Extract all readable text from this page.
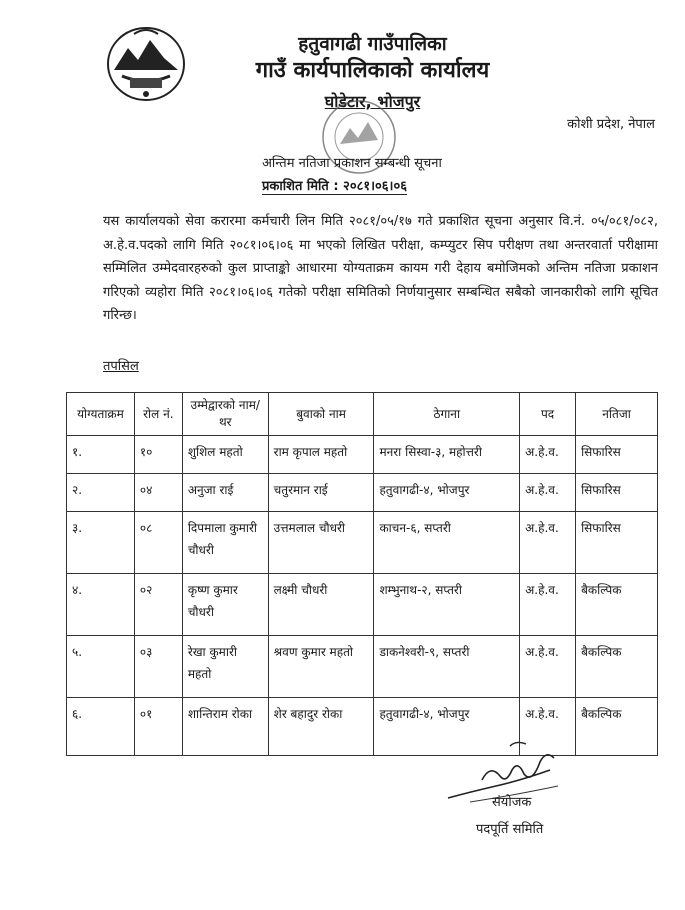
हतुवागढी गाउँपालिका
गाउँ कार्यपालिकाको कार्यालय
घोडेटार, भोजपुर
कोशी प्रदेश, नेपाल
अन्तिम नतिजा प्रकाशन सम्बन्धी सूचना
प्रकाशित मिति : २०८१।०६।०६
यस कार्यालयको सेवा करारमा कर्मचारी लिन मिति २०८१/०५/१७ गते प्रकाशित सूचना अनुसार वि.नं. ०५/०८१/०८२, अ.हे.व.पदको लागि मिति २०८१।०६।०६ मा भएको लिखित परीक्षा, कम्प्युटर सिप परीक्षण तथा अन्तरवार्ता परीक्षामा सम्मिलित उम्मेदवारहरुको कुल प्राप्ताङ्को आधारमा योग्यताक्रम कायम गरी देहाय बमोजिमको अन्तिम नतिजा प्रकाशन गरिएको व्यहोरा मिति २०८१।०६।०६ गतेको परीक्षा समितिको निर्णयानुसार सम्बन्धित सबैको जानकारीको लागि सूचित गरिन्छ।
तपसिल
योग्यताक्रम	रोल नं.	उम्मेद्वारको नाम/थर	बुवाको नाम	ठेगाना	पद	नतिजा
१.	१०	शुशिल महतो	राम कृपाल महतो	मनरा सिस्वा-३, महोत्तरी	अ.हे.व.	सिफारिस
२.	०४	अनुजा राई	चतुरमान राई	हतुवागढी-४, भोजपुर	अ.हे.व.	सिफारिस
३.	०८	दिपमाला कुमारी चौधरी	उत्तमलाल चौधरी	काचन-६, सप्तरी	अ.हे.व.	सिफारिस
४.	०२	कृष्ण कुमार चौधरी	लक्ष्मी चौधरी	शम्भुनाथ-२, सप्तरी	अ.हे.व.	बैकल्पिक
५.	०३	रेखा कुमारी महतो	श्रवण कुमार महतो	डाकनेश्वरी-९, सप्तरी	अ.हे.व.	बैकल्पिक
६.	०१	शान्तिराम रोका	शेर बहादुर रोका	हतुवागढी-४, भोजपुर	अ.हे.व.	बैकल्पिक
संयोजक
पदपूर्ति समिति
